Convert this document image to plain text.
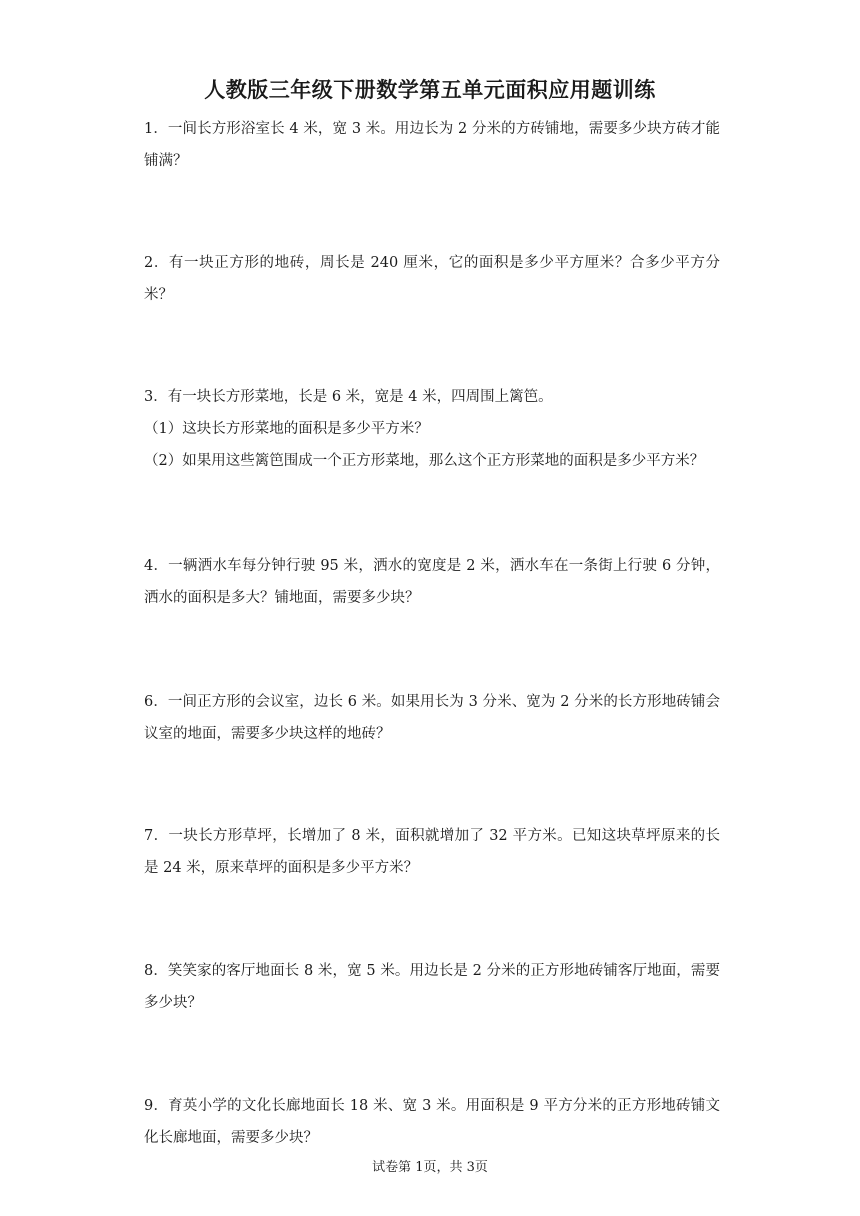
人教版三年级下册数学第五单元面积应用题训练

1．一间长方形浴室长 4 米，宽 3 米。用边长为 2 分米的方砖铺地，需要多少块方砖才能铺满？

2．有一块正方形的地砖，周长是 240 厘米，它的面积是多少平方厘米？合多少平方分米？

3．有一块长方形菜地，长是 6 米，宽是 4 米，四周围上篱笆。

（1）这块长方形菜地的面积是多少平方米？
（2）如果用这些篱笆围成一个正方形菜地，那么这个正方形菜地的面积是多少平方米？

4．一辆洒水车每分钟行驶 95 米，洒水的宽度是 2 米，洒水车在一条街上行驶 6 分钟，洒水的面积是多大？铺地面，需要多少块？

6．一间正方形的会议室，边长 6 米。如果用长为 3 分米、宽为 2 分米的长方形地砖铺会议室的地面，需要多少块这样的地砖？

7．一块长方形草坪，长增加了 8 米，面积就增加了 32 平方米。已知这块草坪原来的长是 24 米，原来草坪的面积是多少平方米？

8．笑笑家的客厅地面长 8 米，宽 5 米。用边长是 2 分米的正方形地砖铺客厅地面，需要多少块？

9．育英小学的文化长廊地面长 18 米、宽 3 米。用面积是 9 平方分米的正方形地砖铺文化长廊地面，需要多少块？

试卷第 1页，共 3页
